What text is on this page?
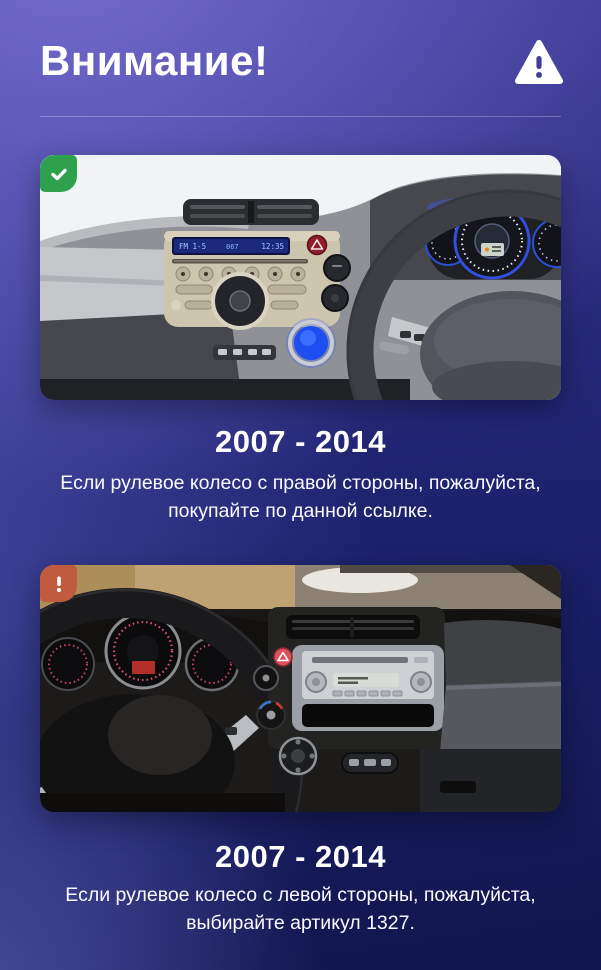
Внимание!
FM 1-5	067	12:35
2007 - 2014
Если рулевое колесо с правой стороны, пожалуйста,
покупайте по данной ссылке.
2007 - 2014
Если рулевое колесо с левой стороны, пожалуйста,
выбирайте артикул 1327.
